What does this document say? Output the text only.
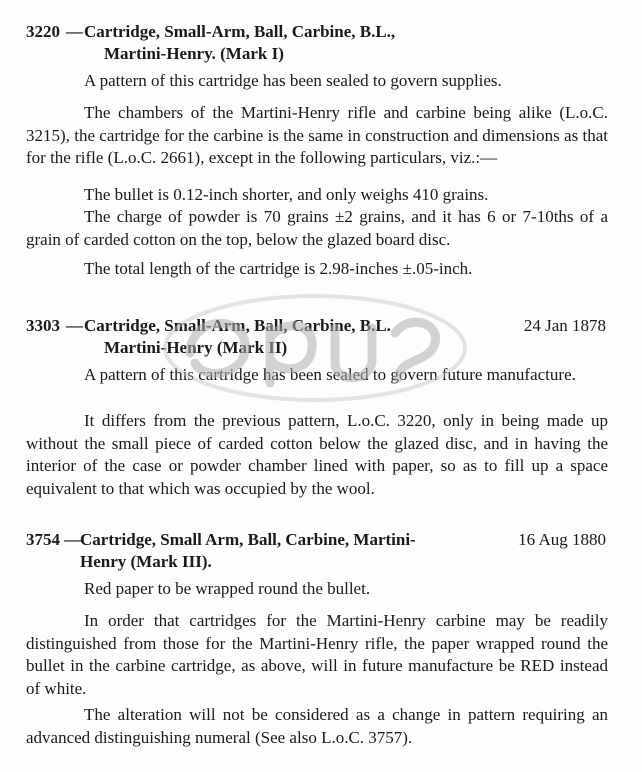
3220 — Cartridge, Small-Arm, Ball, Carbine, B.L.,
Martini-Henry. (Mark I)

A pattern of this cartridge has been sealed to govern supplies.

The chambers of the Martini-Henry rifle and carbine being alike (L.o.C. 3215), the cartridge for the carbine is the same in construction and dimensions as that for the rifle (L.o.C. 2661), except in the following particulars, viz.:—

The bullet is 0.12-inch shorter, and only weighs 410 grains.

The charge of powder is 70 grains ±2 grains, and it has 6 or 7-10ths of a grain of carded cotton on the top, below the glazed board disc.

The total length of the cartridge is 2.98-inches ±.05-inch.

3303 — Cartridge, Small-Arm, Ball, Carbine, B.L.
Martini-Henry (Mark II)
24 Jan 1878

A pattern of this cartridge has been sealed to govern future manufacture.

It differs from the previous pattern, L.o.C. 3220, only in being made up without the small piece of carded cotton below the glazed disc, and in having the interior of the case or powder chamber lined with paper, so as to fill up a space equivalent to that which was occupied by the wool.

3754 — Cartridge, Small Arm, Ball, Carbine, Martini-
Henry (Mark III).
16 Aug 1880

Red paper to be wrapped round the bullet.

In order that cartridges for the Martini-Henry carbine may be readily distinguished from those for the Martini-Henry rifle, the paper wrapped round the bullet in the carbine cartridge, as above, will in future manufacture be RED instead of white.

The alteration will not be considered as a change in pattern requiring an advanced distinguishing numeral (See also L.o.C. 3757).
